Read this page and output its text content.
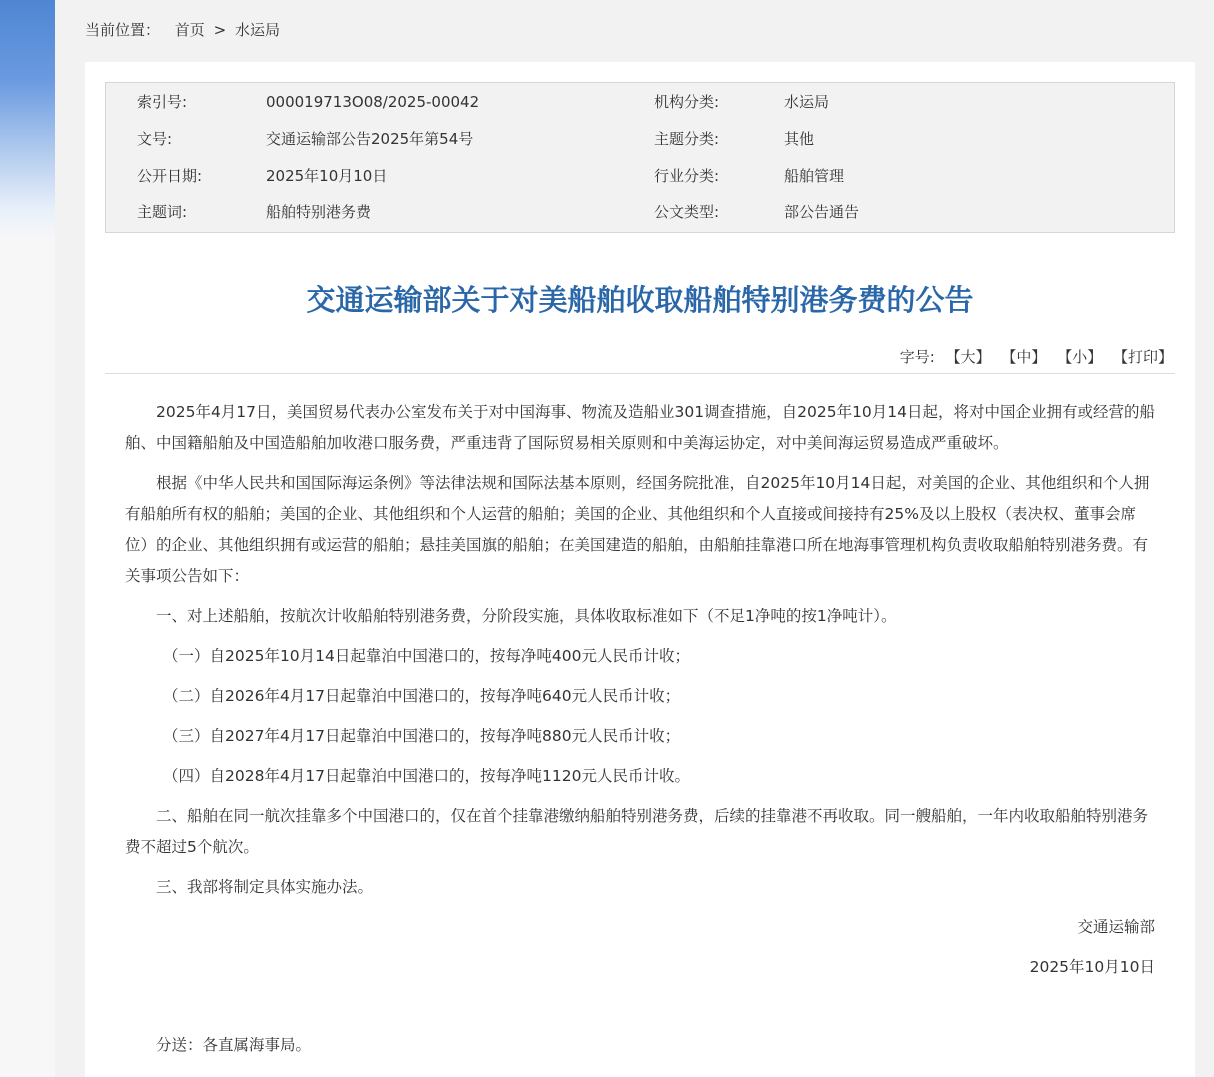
当前位置： 首页 > 水运局
索引号:	000019713O08/2025-00042	机构分类:	水运局
文号:	交通运输部公告2025年第54号	主题分类:	其他
公开日期:	2025年10月10日	行业分类:	船舶管理
主题词:	船舶特别港务费	公文类型:	部公告通告
交通运输部关于对美船舶收取船舶特别港务费的公告
字号: 【大】 【中】 【小】 【打印】

2025年4月17日，美国贸易代表办公室发布关于对中国海事、物流及造船业301调查措施，自2025年10月14日起，将对中国企业拥有或经营的船舶、中国籍船舶及中国造船舶加收港口服务费，严重违背了国际贸易相关原则和中美海运协定，对中美间海运贸易造成严重破坏。

根据《中华人民共和国国际海运条例》等法律法规和国际法基本原则，经国务院批准，自2025年10月14日起，对美国的企业、其他组织和个人拥有船舶所有权的船舶；美国的企业、其他组织和个人运营的船舶；美国的企业、其他组织和个人直接或间接持有25%及以上股权（表决权、董事会席位）的企业、其他组织拥有或运营的船舶；悬挂美国旗的船舶；在美国建造的船舶，由船舶挂靠港口所在地海事管理机构负责收取船舶特别港务费。有关事项公告如下：

一、对上述船舶，按航次计收船舶特别港务费，分阶段实施，具体收取标准如下（不足1净吨的按1净吨计）。

（一）自2025年10月14日起靠泊中国港口的，按每净吨400元人民币计收；

（二）自2026年4月17日起靠泊中国港口的，按每净吨640元人民币计收；

（三）自2027年4月17日起靠泊中国港口的，按每净吨880元人民币计收；

（四）自2028年4月17日起靠泊中国港口的，按每净吨1120元人民币计收。

二、船舶在同一航次挂靠多个中国港口的，仅在首个挂靠港缴纳船舶特别港务费，后续的挂靠港不再收取。同一艘船舶，一年内收取船舶特别港务费不超过5个航次。

三、我部将制定具体实施办法。

交通运输部

2025年10月10日

分送：各直属海事局。
